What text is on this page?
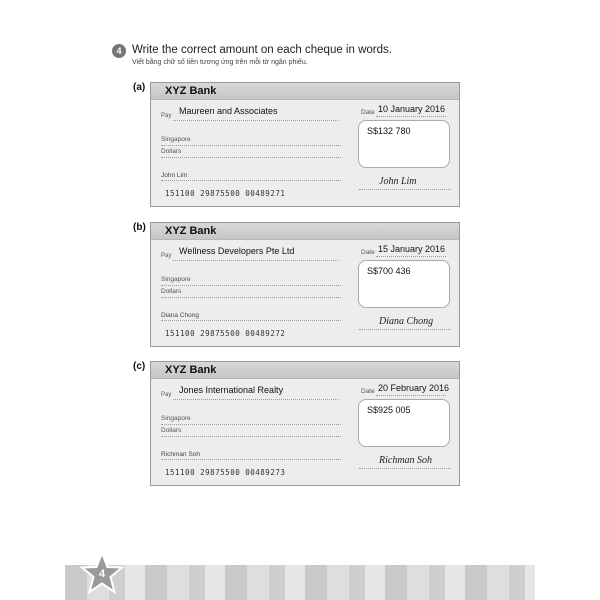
4 Write the correct amount on each cheque in words.
Viết bằng chữ số tiền tương ứng trên mỗi tờ ngân phiếu.
(a) XYZ Bank
Pay Maureen and Associates	Date 10 January 2016
S$132 780
Singapore
Dollars
John Lim
151100 29875500 00489271
John Lim
(b) XYZ Bank
Pay Wellness Developers Pte Ltd	Date 15 January 2016
S$700 436
Singapore
Dollars
Diana Chong
151100 29875500 00489272
Diana Chong
(c) XYZ Bank
Pay Jones International Realty	Date 20 February 2016
S$925 005
Singapore
Dollars
Richman Soh
151100 29875500 00489273
Richman Soh
4
